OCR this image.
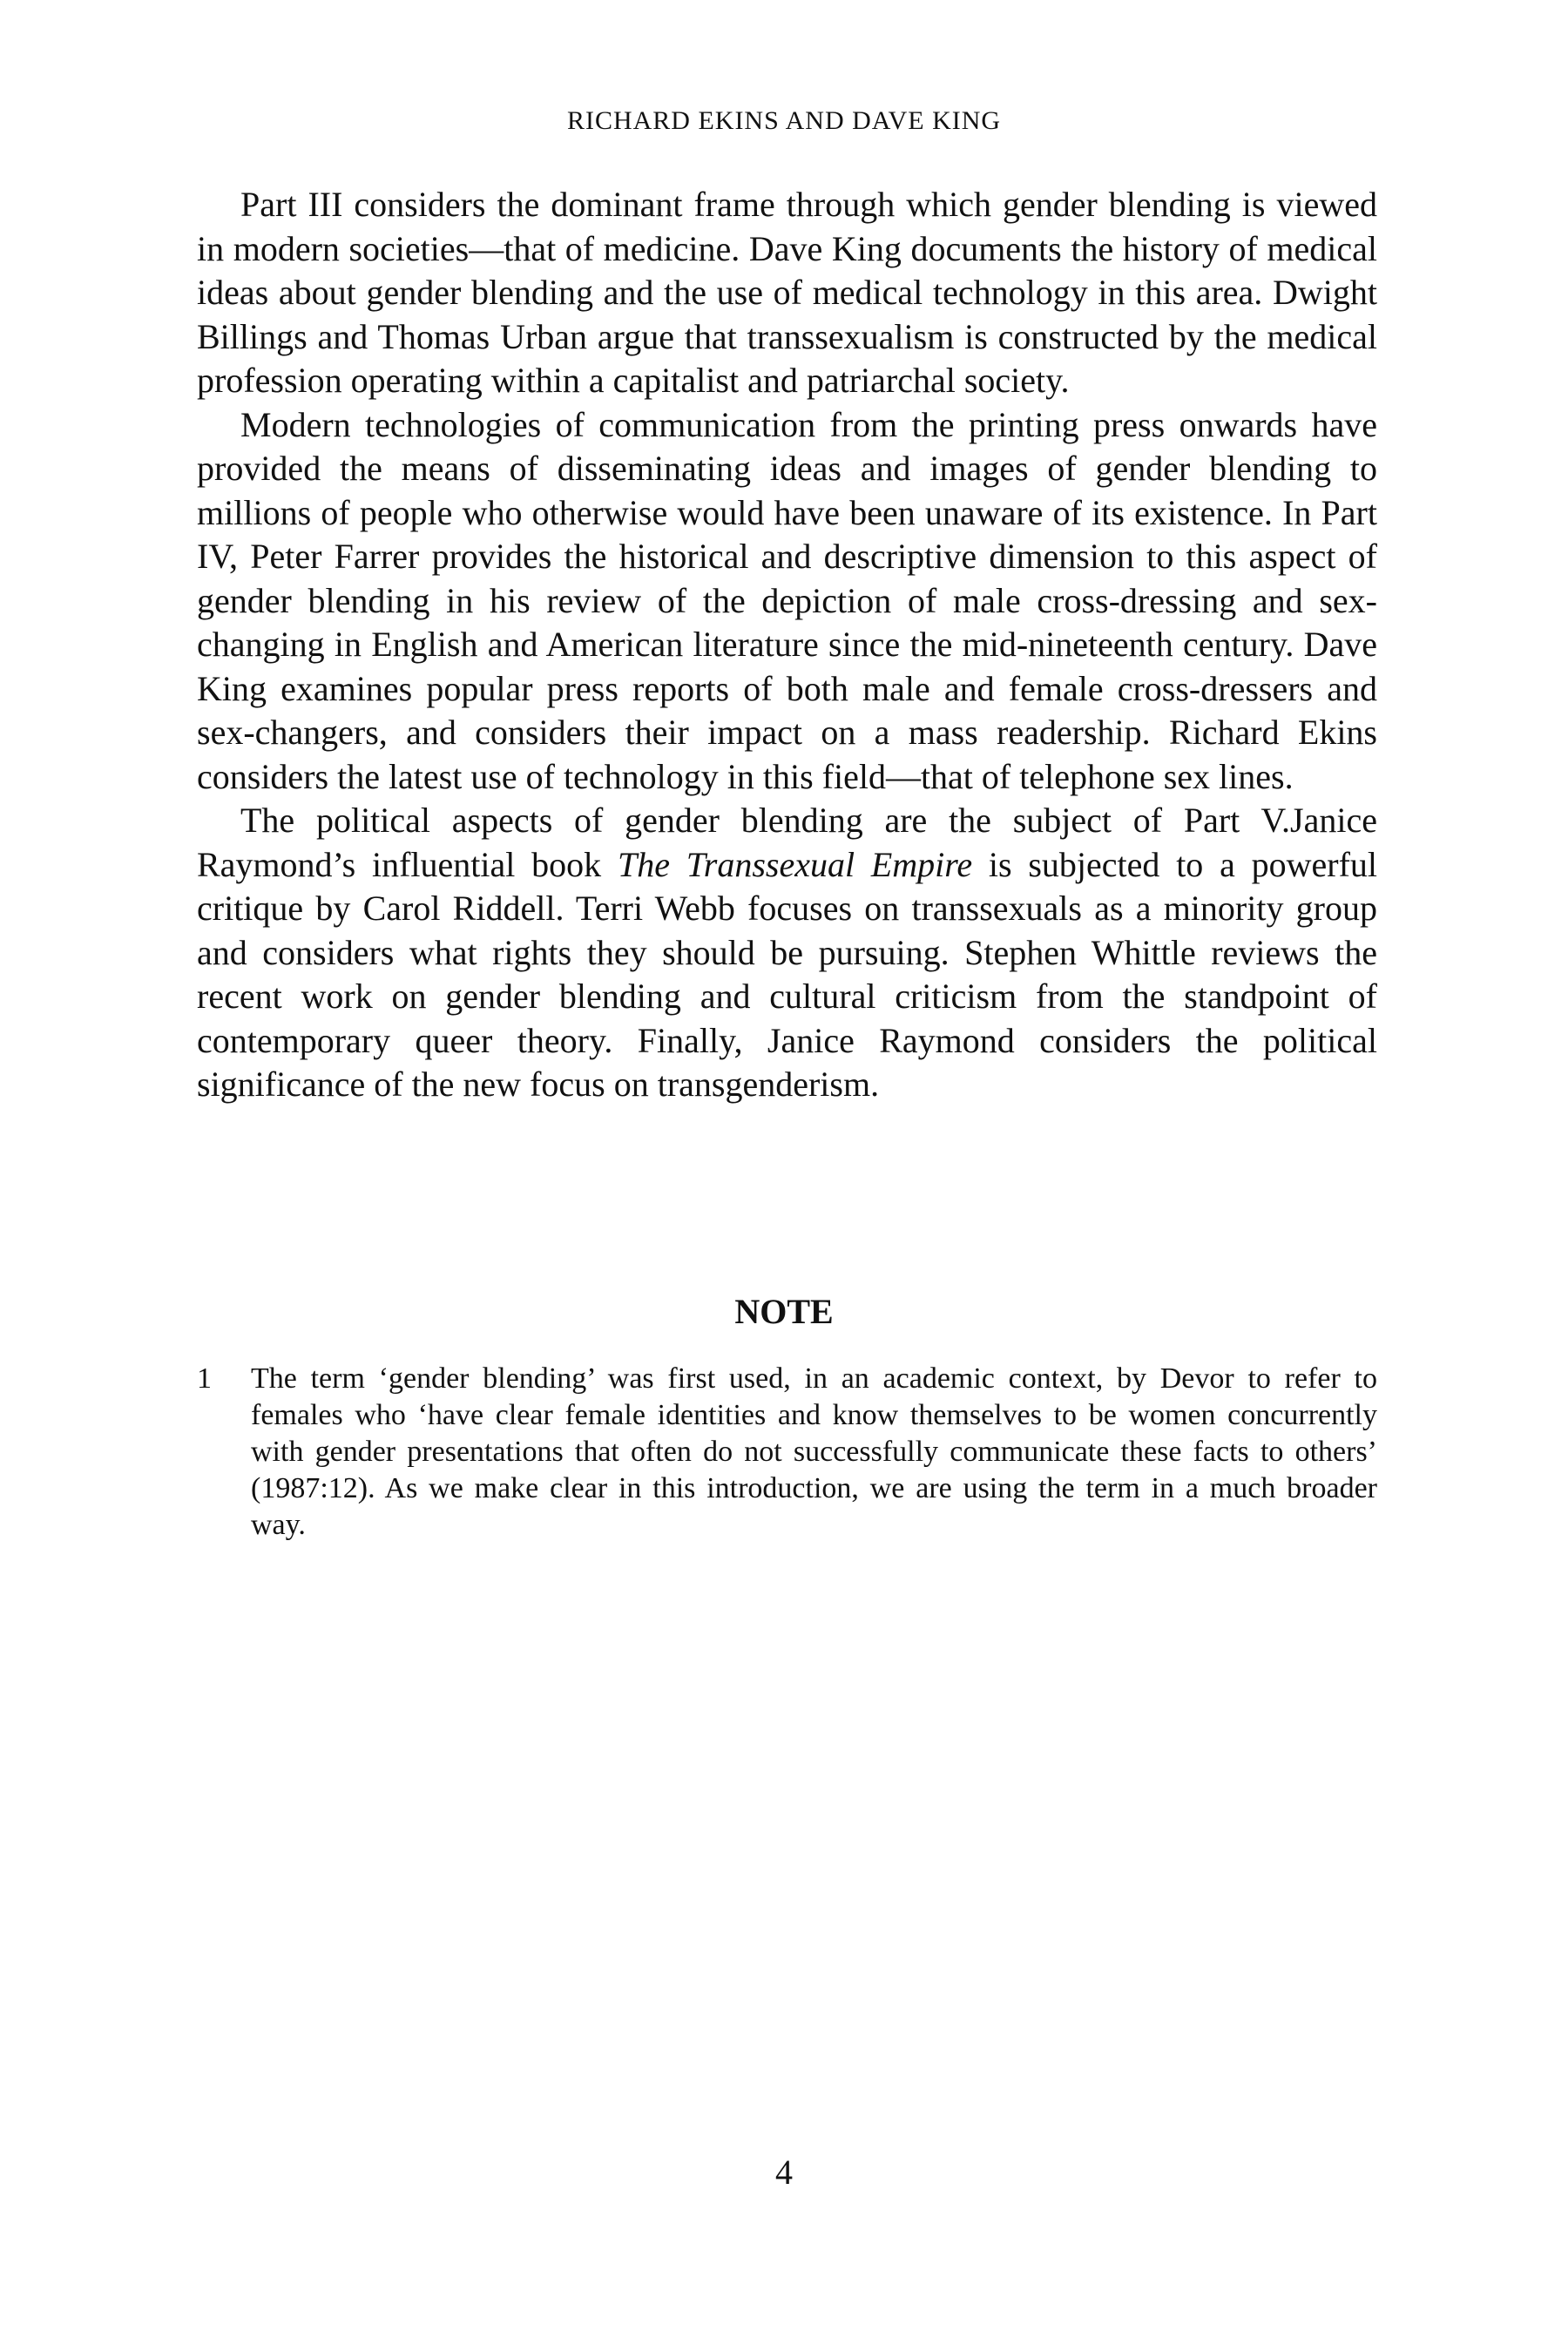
RICHARD EKINS AND DAVE KING

Part III considers the dominant frame through which gender blending is viewed in modern societies—that of medicine. Dave King documents the history of medical ideas about gender blending and the use of medical technology in this area. Dwight Billings and Thomas Urban argue that transsexualism is constructed by the medical profession operating within a capitalist and patriarchal society.

Modern technologies of communication from the printing press onwards have provided the means of disseminating ideas and images of gender blending to millions of people who otherwise would have been unaware of its existence. In Part IV, Peter Farrer provides the historical and descriptive dimension to this aspect of gender blending in his review of the depiction of male cross-dressing and sex-changing in English and American literature since the mid-nineteenth century. Dave King examines popular press reports of both male and female cross-dressers and sex-changers, and considers their impact on a mass readership. Richard Ekins considers the latest use of technology in this field—that of telephone sex lines.

The political aspects of gender blending are the subject of Part V.Janice Raymond’s influential book The Transsexual Empire is subjected to a powerful critique by Carol Riddell. Terri Webb focuses on transsexuals as a minority group and considers what rights they should be pursuing. Stephen Whittle reviews the recent work on gender blending and cultural criticism from the standpoint of contemporary queer theory. Finally, Janice Raymond considers the political significance of the new focus on transgenderism.

NOTE
1 The term ‘gender blending’ was first used, in an academic context, by Devor to refer to females who ‘have clear female identities and know themselves to be women concurrently with gender presentations that often do not successfully communicate these facts to others’ (1987:12). As we make clear in this introduction, we are using the term in a much broader way.

4
